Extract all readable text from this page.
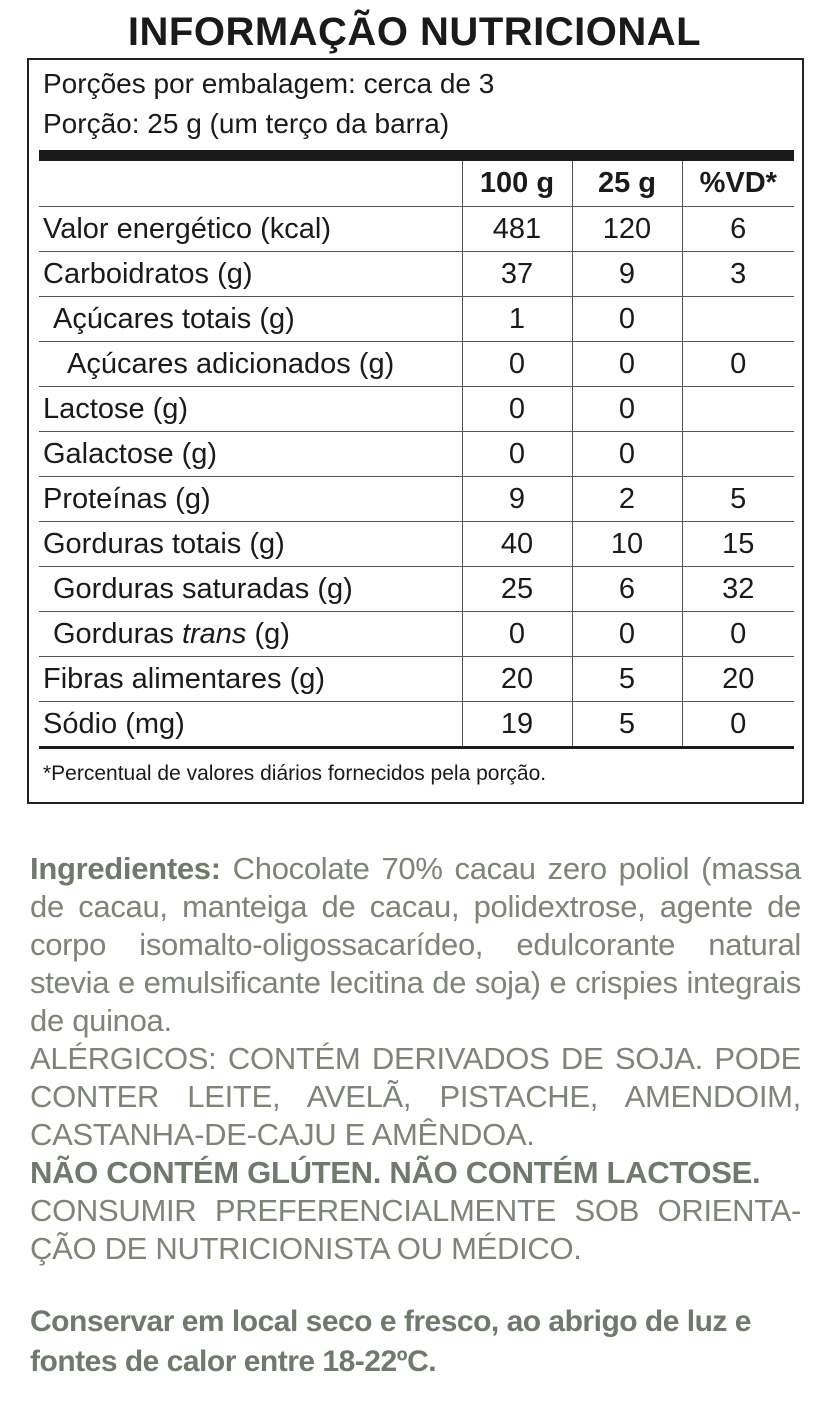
INFORMAÇÃO NUTRICIONAL
Porções por embalagem: cerca de 3
Porção: 25 g (um terço da barra)
	100 g	25 g	%VD*
Valor energético (kcal)	481	120	6
Carboidratos (g)	37	9	3
Açúcares totais (g)	1	0	
Açúcares adicionados (g)	0	0	0
Lactose (g)	0	0	
Galactose (g)	0	0	
Proteínas (g)	9	2	5
Gorduras totais (g)	40	10	15
Gorduras saturadas (g)	25	6	32
Gorduras trans (g)	0	0	0
Fibras alimentares (g)	20	5	20
Sódio (mg)	19	5	0
*Percentual de valores diários fornecidos pela porção.

Ingredientes: Chocolate 70% cacau zero poliol (massa de cacau, manteiga de cacau, polidextrose, agente de corpo isomalto-oligossacarídeo, edulcorante natural stevia e emulsificante lecitina de soja) e crispies integrais de quinoa.

ALÉRGICOS: CONTÉM DERIVADOS DE SOJA. PODE CONTER LEITE, AVELÃ, PISTACHE, AMENDOIM, CASTANHA-DE-CAJU E AMÊNDOA.

NÃO CONTÉM GLÚTEN. NÃO CONTÉM LACTOSE.

CONSUMIR PREFERENCIALMENTE SOB ORIENTA-ÇÃO DE NUTRICIONISTA OU MÉDICO.

Conservar em local seco e fresco, ao abrigo de luz e fontes de calor entre 18-22ºC.
